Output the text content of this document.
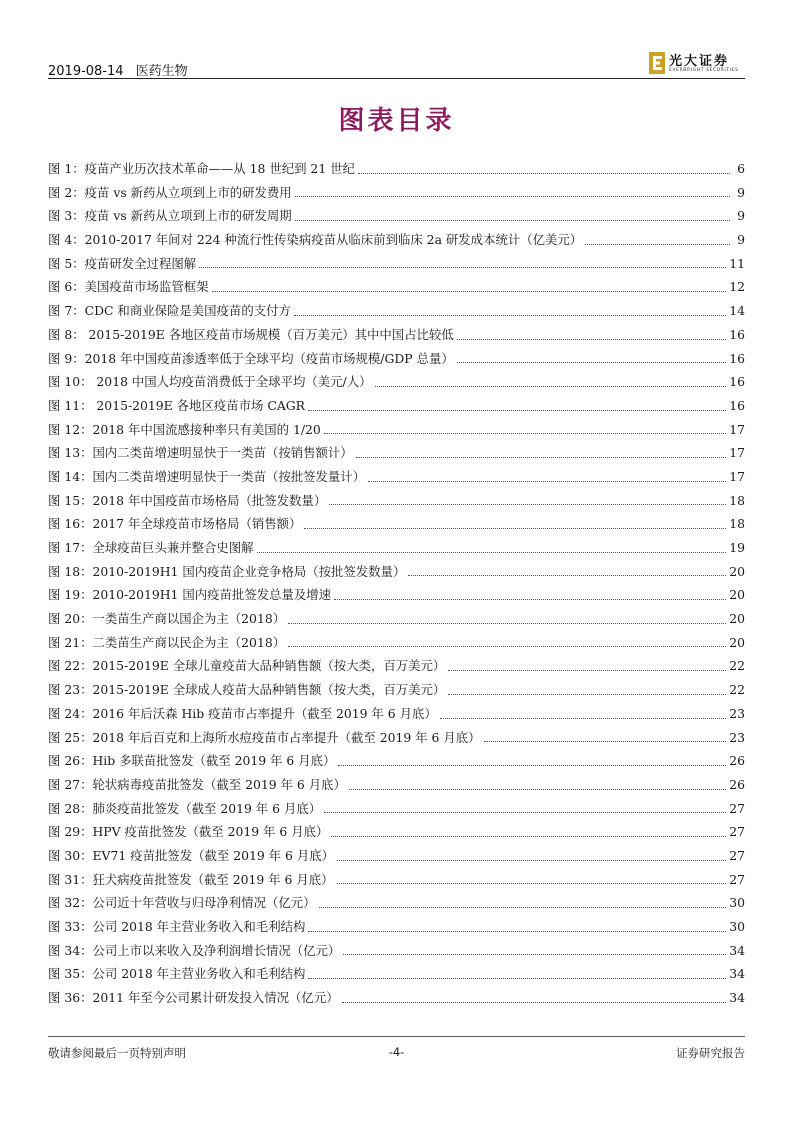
2019-08-14 医药生物
光大证券
EVERBRIGHT SECURITIES
图表目录
图 1：疫苗产业历次技术革命——从 18 世纪到 21 世纪	6
图 2：疫苗 vs 新药从立项到上市的研发费用	9
图 3：疫苗 vs 新药从立项到上市的研发周期	9
图 4：2010-2017 年间对 224 种流行性传染病疫苗从临床前到临床 2a 研发成本统计（亿美元）	9
图 5：疫苗研发全过程图解	11
图 6：美国疫苗市场监管框架	12
图 7：CDC 和商业保险是美国疫苗的支付方	14
图 8： 2015-2019E 各地区疫苗市场规模（百万美元）其中中国占比较低	16
图 9：2018 年中国疫苗渗透率低于全球平均（疫苗市场规模/GDP 总量）	16
图 10： 2018 中国人均疫苗消费低于全球平均（美元/人）	16
图 11： 2015-2019E 各地区疫苗市场 CAGR	16
图 12：2018 年中国流感接种率只有美国的 1/20	17
图 13：国内二类苗增速明显快于一类苗（按销售额计）	17
图 14：国内二类苗增速明显快于一类苗（按批签发量计）	17
图 15：2018 年中国疫苗市场格局（批签发数量）	18
图 16：2017 年全球疫苗市场格局（销售额）	18
图 17：全球疫苗巨头兼并整合史图解	19
图 18：2010-2019H1 国内疫苗企业竞争格局（按批签发数量）	20
图 19：2010-2019H1 国内疫苗批签发总量及增速	20
图 20：一类苗生产商以国企为主（2018）	20
图 21：二类苗生产商以民企为主（2018）	20
图 22：2015-2019E 全球儿童疫苗大品种销售额（按大类，百万美元）	22
图 23：2015-2019E 全球成人疫苗大品种销售额（按大类，百万美元）	22
图 24：2016 年后沃森 Hib 疫苗市占率提升（截至 2019 年 6 月底）	23
图 25：2018 年后百克和上海所水痘疫苗市占率提升（截至 2019 年 6 月底）	23
图 26：Hib 多联苗批签发（截至 2019 年 6 月底）	26
图 27：轮状病毒疫苗批签发（截至 2019 年 6 月底）	26
图 28：肺炎疫苗批签发（截至 2019 年 6 月底）	27
图 29：HPV 疫苗批签发（截至 2019 年 6 月底）	27
图 30：EV71 疫苗批签发（截至 2019 年 6 月底）	27
图 31：狂犬病疫苗批签发（截至 2019 年 6 月底）	27
图 32：公司近十年营收与归母净利情况（亿元）	30
图 33：公司 2018 年主营业务收入和毛利结构	30
图 34：公司上市以来收入及净利润增长情况（亿元）	34
图 35：公司 2018 年主营业务收入和毛利结构	34
图 36：2011 年至今公司累计研发投入情况（亿元）	34
敬请参阅最后一页特别声明	-4-	证券研究报告
